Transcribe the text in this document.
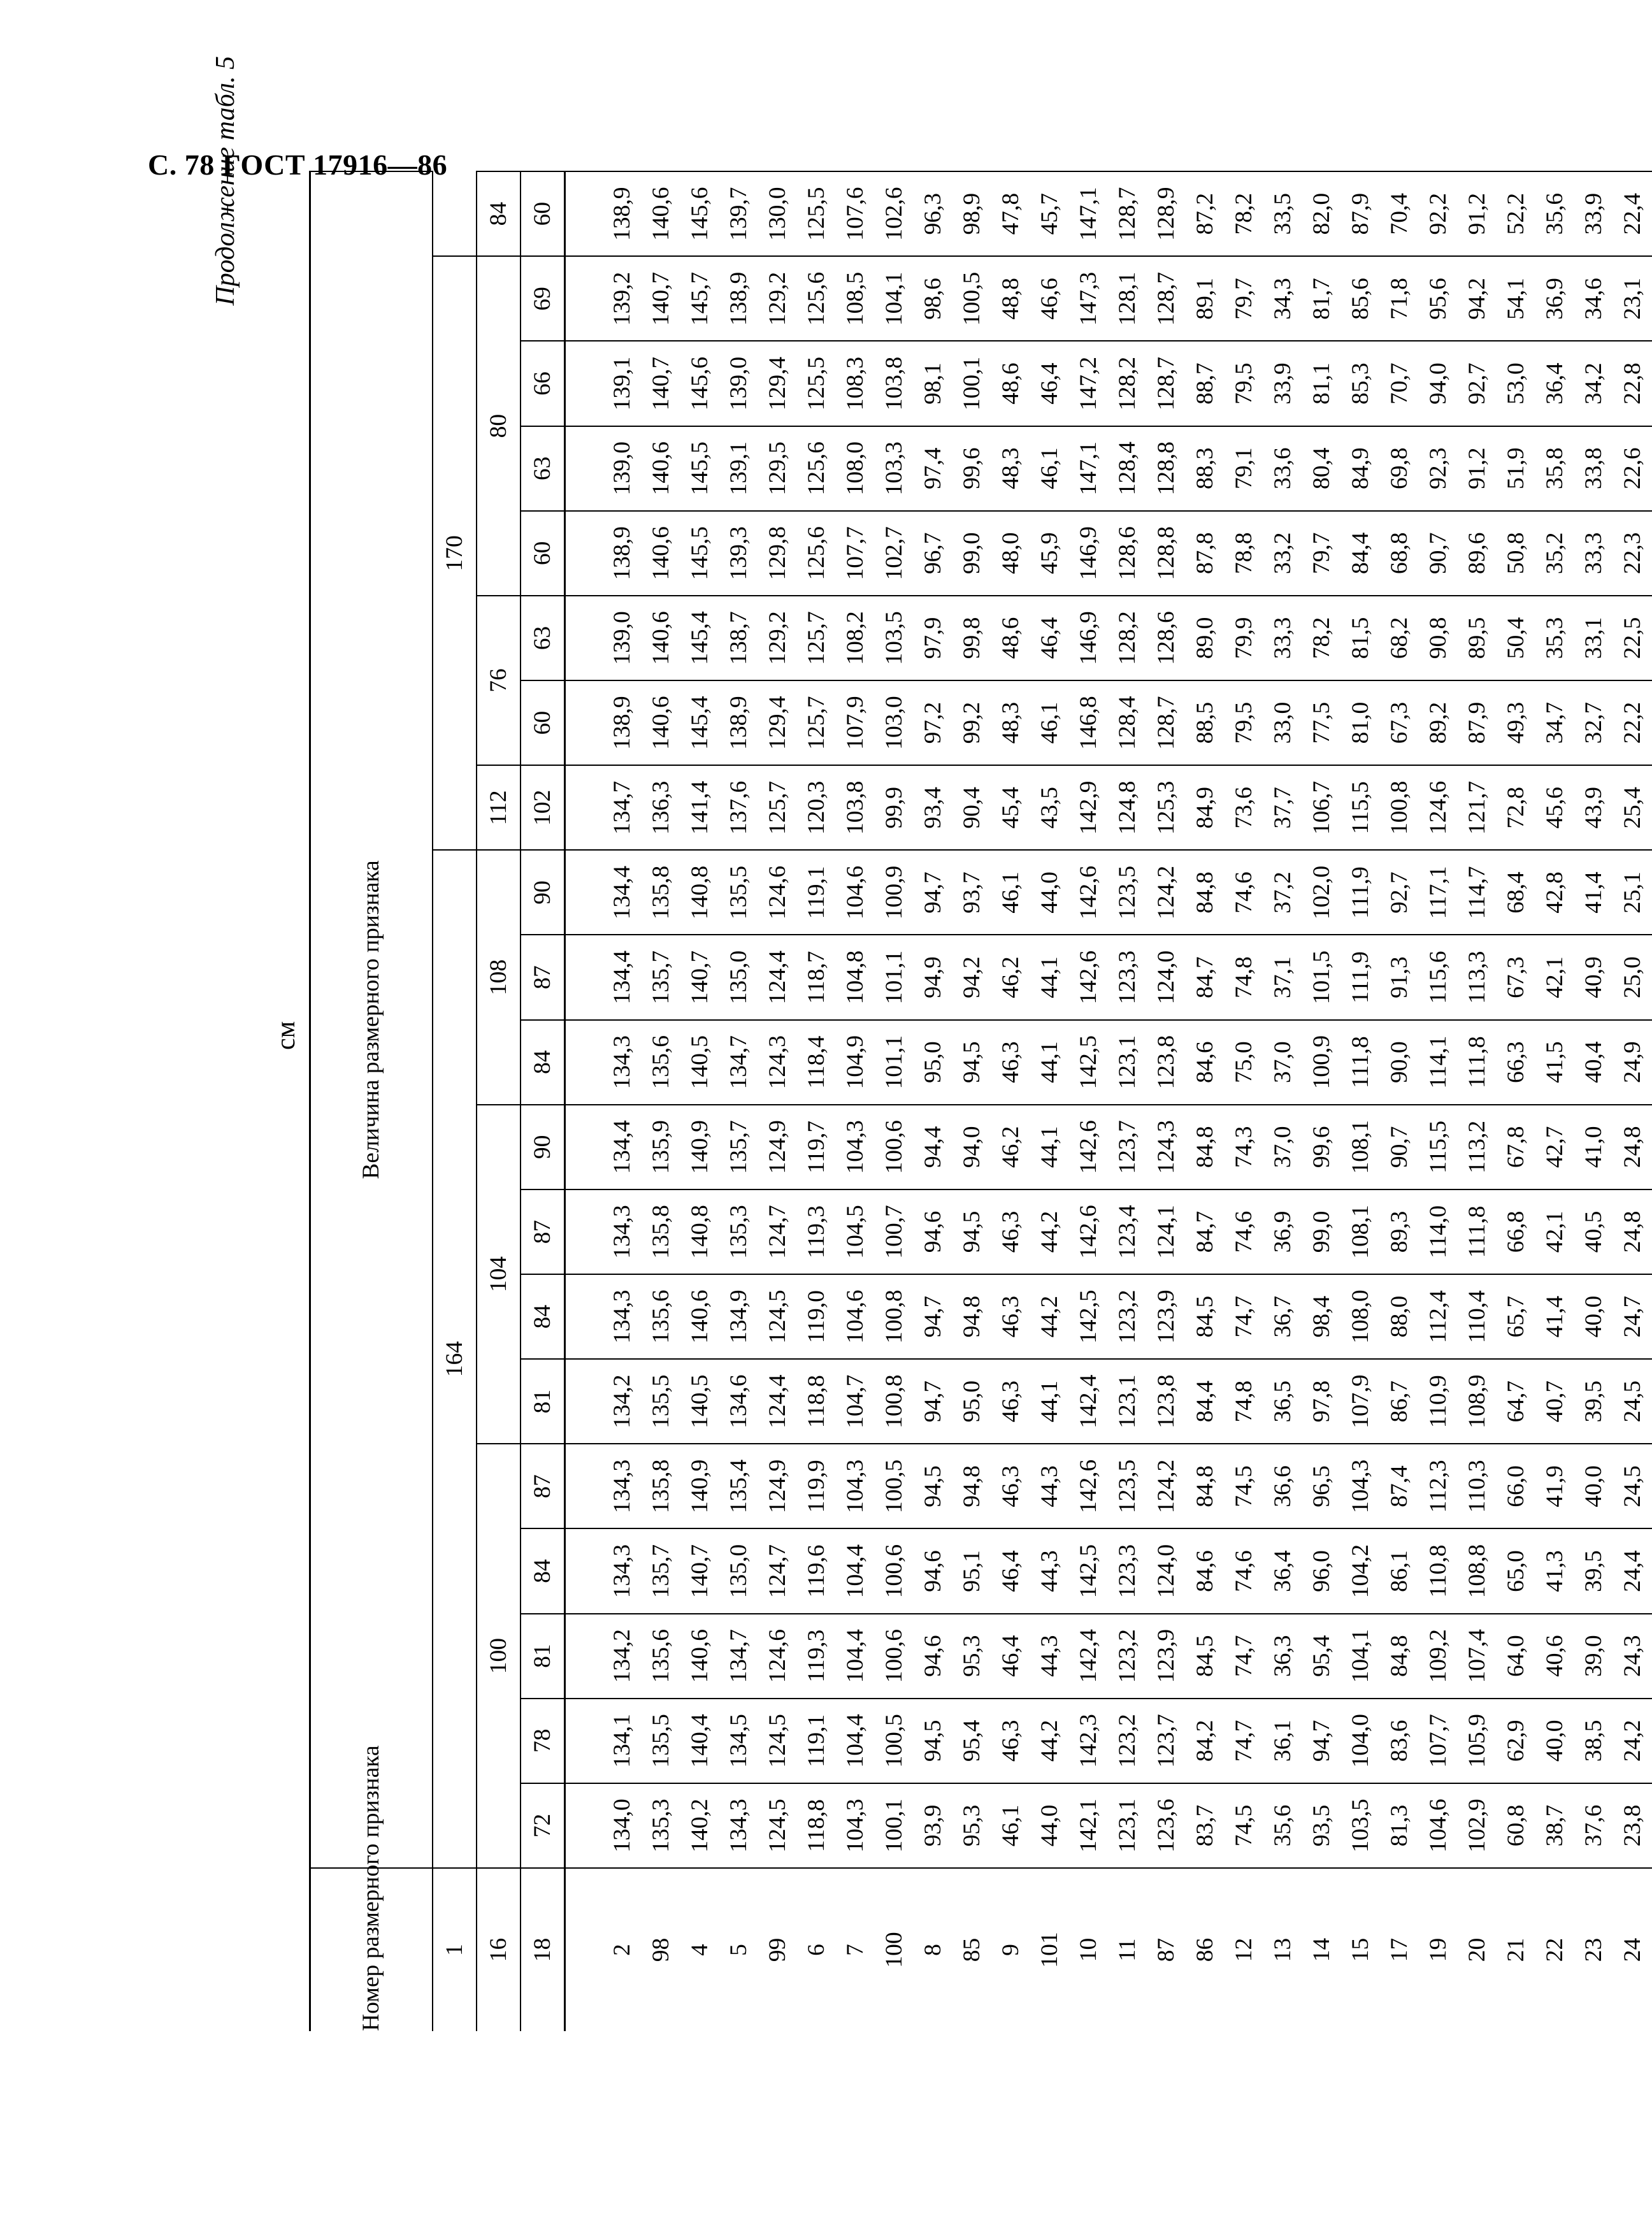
С. 78 ГОСТ 17916—86
Продолжение табл. 5
см
Номер размерного признака	Величина размерного признака																			
1	164												170							
16	100					104				108			112	76		80				84
18	72	78	81	84	87	81	84	87	90	84	87	90	102	60	63	60	63	66	69	60
2	134,0	134,1	134,2	134,3	134,3	134,2	134,3	134,3	134,4	134,3	134,4	134,4	134,7	138,9	139,0	138,9	139,0	139,1	139,2	138,9
98	135,3	135,5	135,6	135,7	135,8	135,5	135,6	135,8	135,9	135,6	135,7	135,8	136,3	140,6	140,6	140,6	140,6	140,7	140,7	140,6
4	140,2	140,4	140,6	140,7	140,9	140,5	140,6	140,8	140,9	140,5	140,7	140,8	141,4	145,4	145,4	145,5	145,5	145,6	145,7	145,6
5	134,3	134,5	134,7	135,0	135,4	134,6	134,9	135,3	135,7	134,7	135,0	135,5	137,6	138,9	138,7	139,3	139,1	139,0	138,9	139,7
99	124,5	124,5	124,6	124,7	124,9	124,4	124,5	124,7	124,9	124,3	124,4	124,6	125,7	129,4	129,2	129,8	129,5	129,4	129,2	130,0
6	118,8	119,1	119,3	119,6	119,9	118,8	119,0	119,3	119,7	118,4	118,7	119,1	120,3	125,7	125,7	125,6	125,6	125,5	125,6	125,5
7	104,3	104,4	104,4	104,4	104,3	104,7	104,6	104,5	104,3	104,9	104,8	104,6	103,8	107,9	108,2	107,7	108,0	108,3	108,5	107,6
100	100,1	100,5	100,6	100,6	100,5	100,8	100,8	100,7	100,6	101,1	101,1	100,9	99,9	103,0	103,5	102,7	103,3	103,8	104,1	102,6
8	93,9	94,5	94,6	94,6	94,5	94,7	94,7	94,6	94,4	95,0	94,9	94,7	93,4	97,2	97,9	96,7	97,4	98,1	98,6	96,3
85	95,3	95,4	95,3	95,1	94,8	95,0	94,8	94,5	94,0	94,5	94,2	93,7	90,4	99,2	99,8	99,0	99,6	100,1	100,5	98,9
9	46,1	46,3	46,4	46,4	46,3	46,3	46,3	46,3	46,2	46,3	46,2	46,1	45,4	48,3	48,6	48,0	48,3	48,6	48,8	47,8
101	44,0	44,2	44,3	44,3	44,3	44,1	44,2	44,2	44,1	44,1	44,1	44,0	43,5	46,1	46,4	45,9	46,1	46,4	46,6	45,7
10	142,1	142,3	142,4	142,5	142,6	142,4	142,5	142,6	142,6	142,5	142,6	142,6	142,9	146,8	146,9	146,9	147,1	147,2	147,3	147,1
11	123,1	123,2	123,2	123,3	123,5	123,1	123,2	123,4	123,7	123,1	123,3	123,5	124,8	128,4	128,2	128,6	128,4	128,2	128,1	128,7
87	123,6	123,7	123,9	124,0	124,2	123,8	123,9	124,1	124,3	123,8	124,0	124,2	125,3	128,7	128,6	128,8	128,8	128,7	128,7	128,9
86	83,7	84,2	84,5	84,6	84,8	84,4	84,5	84,7	84,8	84,6	84,7	84,8	84,9	88,5	89,0	87,8	88,3	88,7	89,1	87,2
12	74,5	74,7	74,7	74,6	74,5	74,8	74,7	74,6	74,3	75,0	74,8	74,6	73,6	79,5	79,9	78,8	79,1	79,5	79,7	78,2
13	35,6	36,1	36,3	36,4	36,6	36,5	36,7	36,9	37,0	37,0	37,1	37,2	37,7	33,0	33,3	33,2	33,6	33,9	34,3	33,5
14	93,5	94,7	95,4	96,0	96,5	97,8	98,4	99,0	99,6	100,9	101,5	102,0	106,7	77,5	78,2	79,7	80,4	81,1	81,7	82,0
15	103,5	104,0	104,1	104,2	104,3	107,9	108,0	108,1	108,1	111,8	111,9	111,9	115,5	81,0	81,5	84,4	84,9	85,3	85,6	87,9
17	81,3	83,6	84,8	86,1	87,4	86,7	88,0	89,3	90,7	90,0	91,3	92,7	100,8	67,3	68,2	68,8	69,8	70,7	71,8	70,4
19	104,6	107,7	109,2	110,8	112,3	110,9	112,4	114,0	115,5	114,1	115,6	117,1	124,6	89,2	90,8	90,7	92,3	94,0	95,6	92,2
20	102,9	105,9	107,4	108,8	110,3	108,9	110,4	111,8	113,2	111,8	113,3	114,7	121,7	87,9	89,5	89,6	91,2	92,7	94,2	91,2
21	60,8	62,9	64,0	65,0	66,0	64,7	65,7	66,8	67,8	66,3	67,3	68,4	72,8	49,3	50,4	50,8	51,9	53,0	54,1	52,2
22	38,7	40,0	40,6	41,3	41,9	40,7	41,4	42,1	42,7	41,5	42,1	42,8	45,6	34,7	35,3	35,2	35,8	36,4	36,9	35,6
23	37,6	38,5	39,0	39,5	40,0	39,5	40,0	40,5	41,0	40,4	40,9	41,4	43,9	32,7	33,1	33,3	33,8	34,2	34,6	33,9
24	23,8	24,2	24,3	24,4	24,5	24,5	24,7	24,8	24,8	24,9	25,0	25,1	25,4	22,2	22,5	22,3	22,6	22,8	23,1	22,4
